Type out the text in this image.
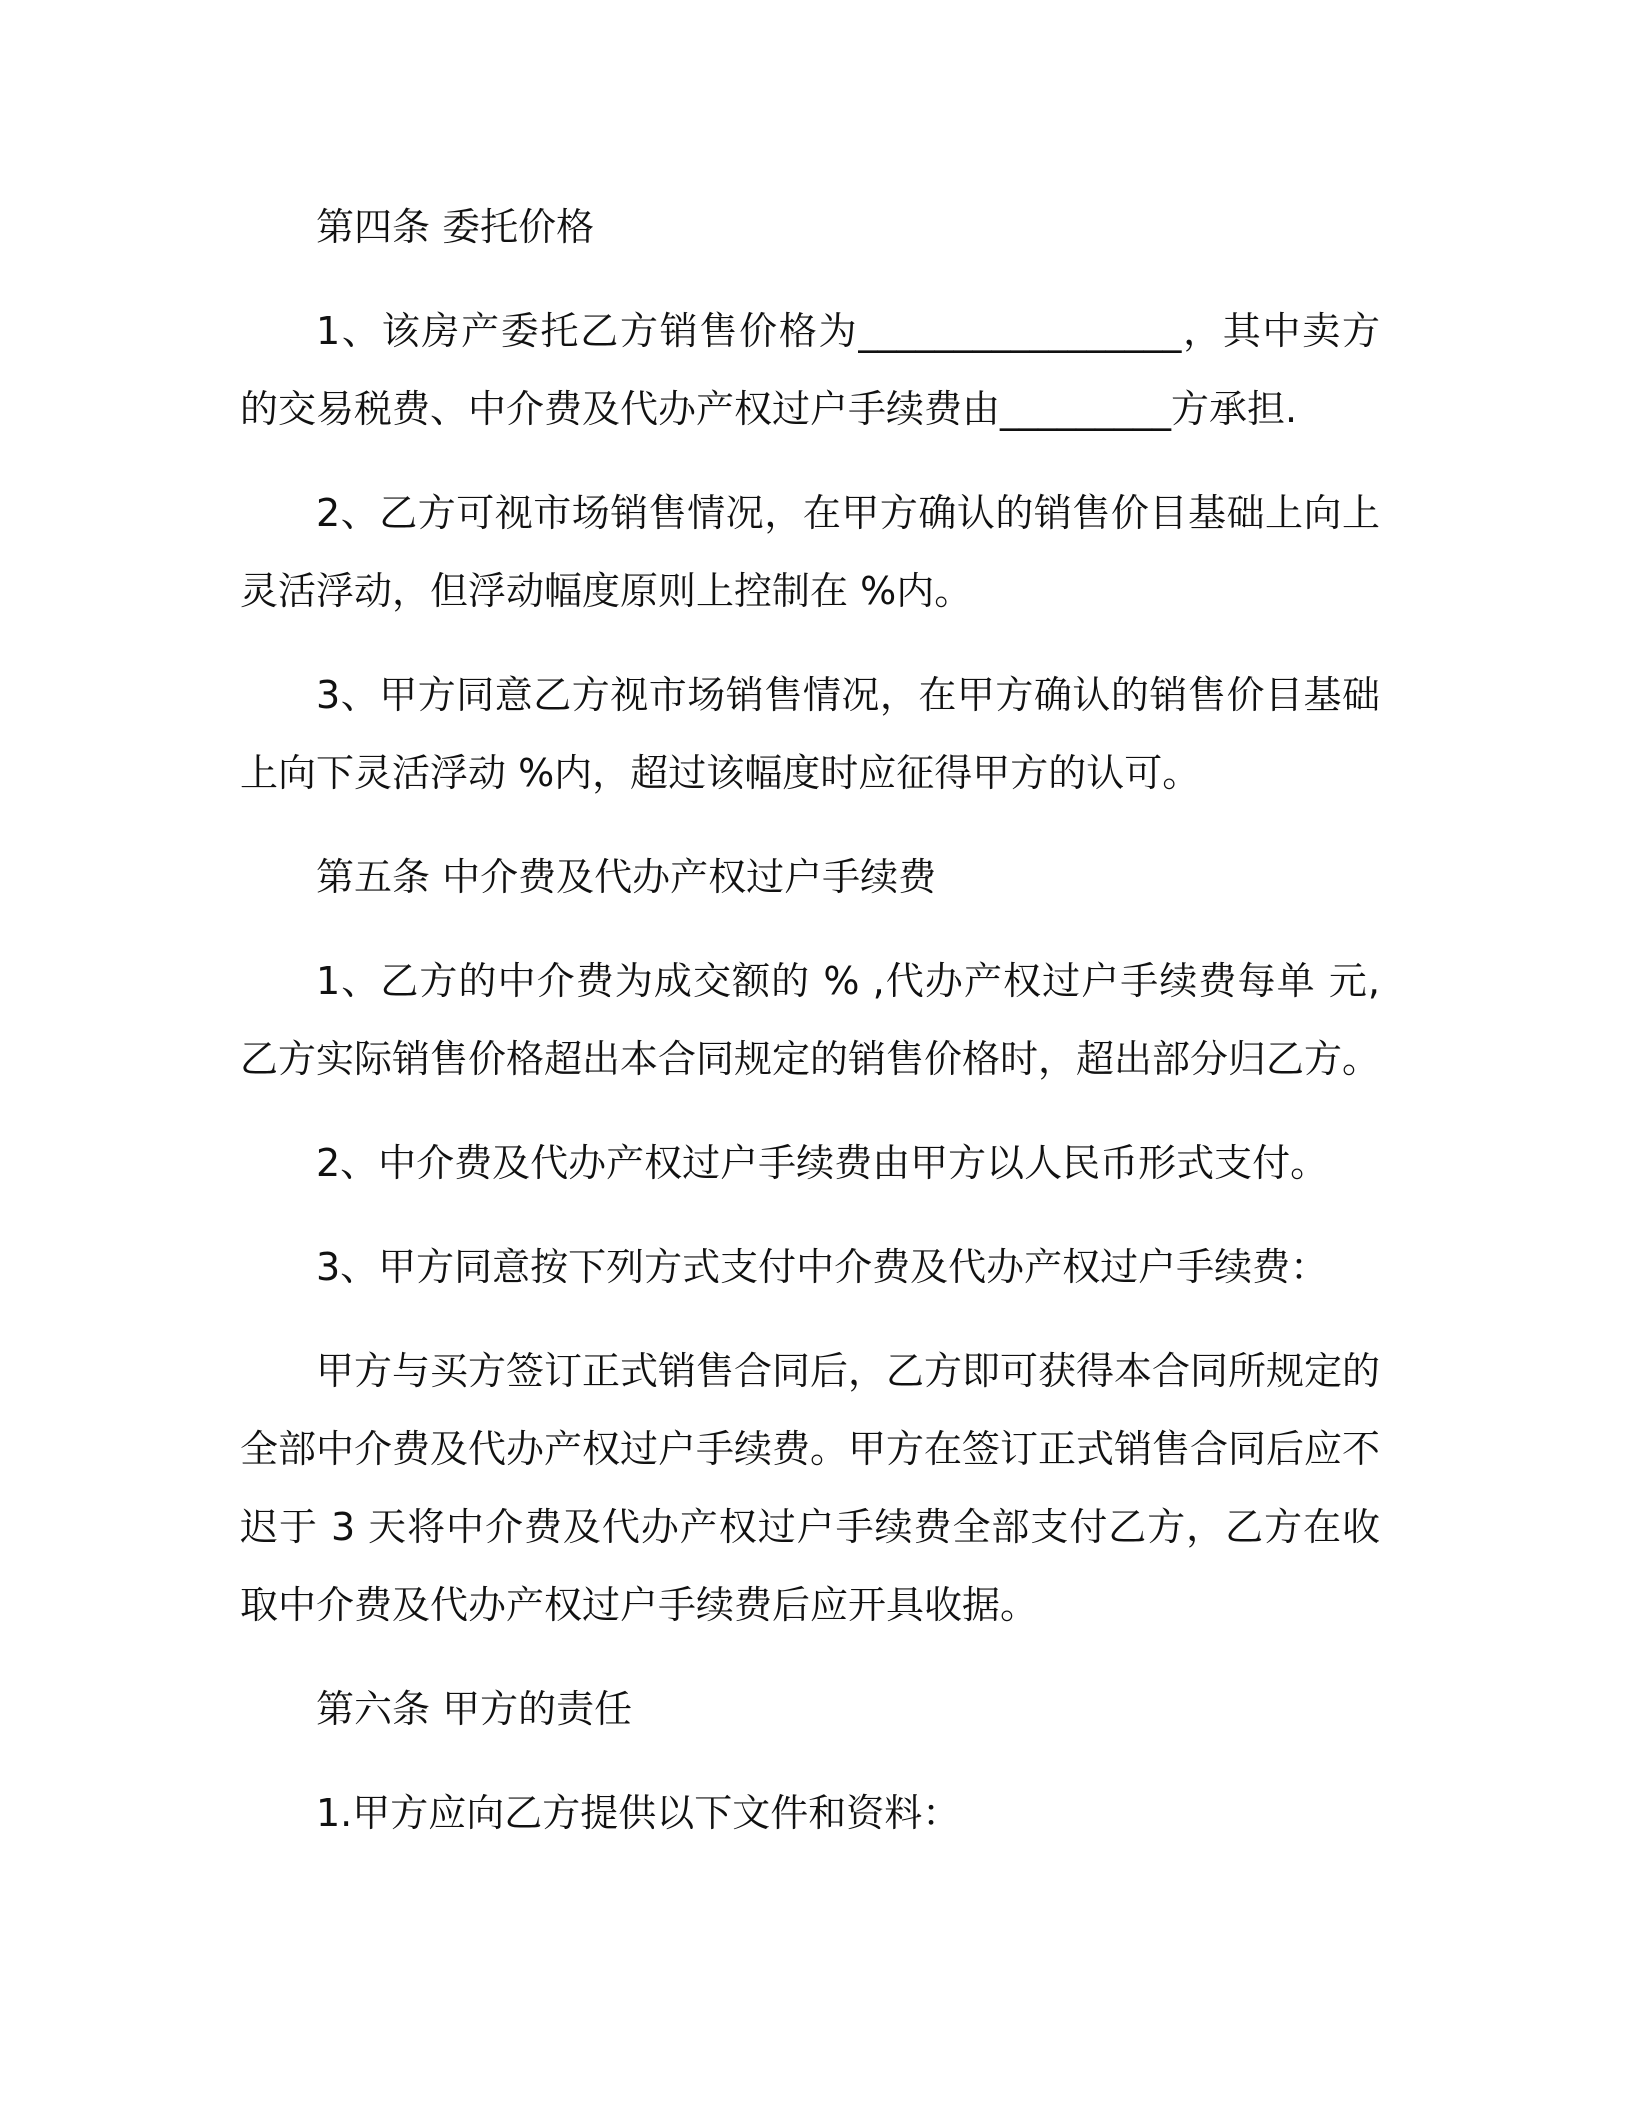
第四条 委托价格

1、该房产委托乙方销售价格为_________________，其中卖方的交易税费、中介费及代办产权过户手续费由_________方承担.

2、乙方可视市场销售情况，在甲方确认的销售价目基础上向上灵活浮动，但浮动幅度原则上控制在 %内。

3、甲方同意乙方视市场销售情况，在甲方确认的销售价目基础上向下灵活浮动 %内，超过该幅度时应征得甲方的认可。

第五条 中介费及代办产权过户手续费

1、乙方的中介费为成交额的 % ,代办产权过户手续费每单 元,乙方实际销售价格超出本合同规定的销售价格时，超出部分归乙方。

2、中介费及代办产权过户手续费由甲方以人民币形式支付。

3、甲方同意按下列方式支付中介费及代办产权过户手续费：

甲方与买方签订正式销售合同后，乙方即可获得本合同所规定的全部中介费及代办产权过户手续费。甲方在签订正式销售合同后应不迟于 3 天将中介费及代办产权过户手续费全部支付乙方，乙方在收取中介费及代办产权过户手续费后应开具收据。

第六条 甲方的责任

1.甲方应向乙方提供以下文件和资料：
